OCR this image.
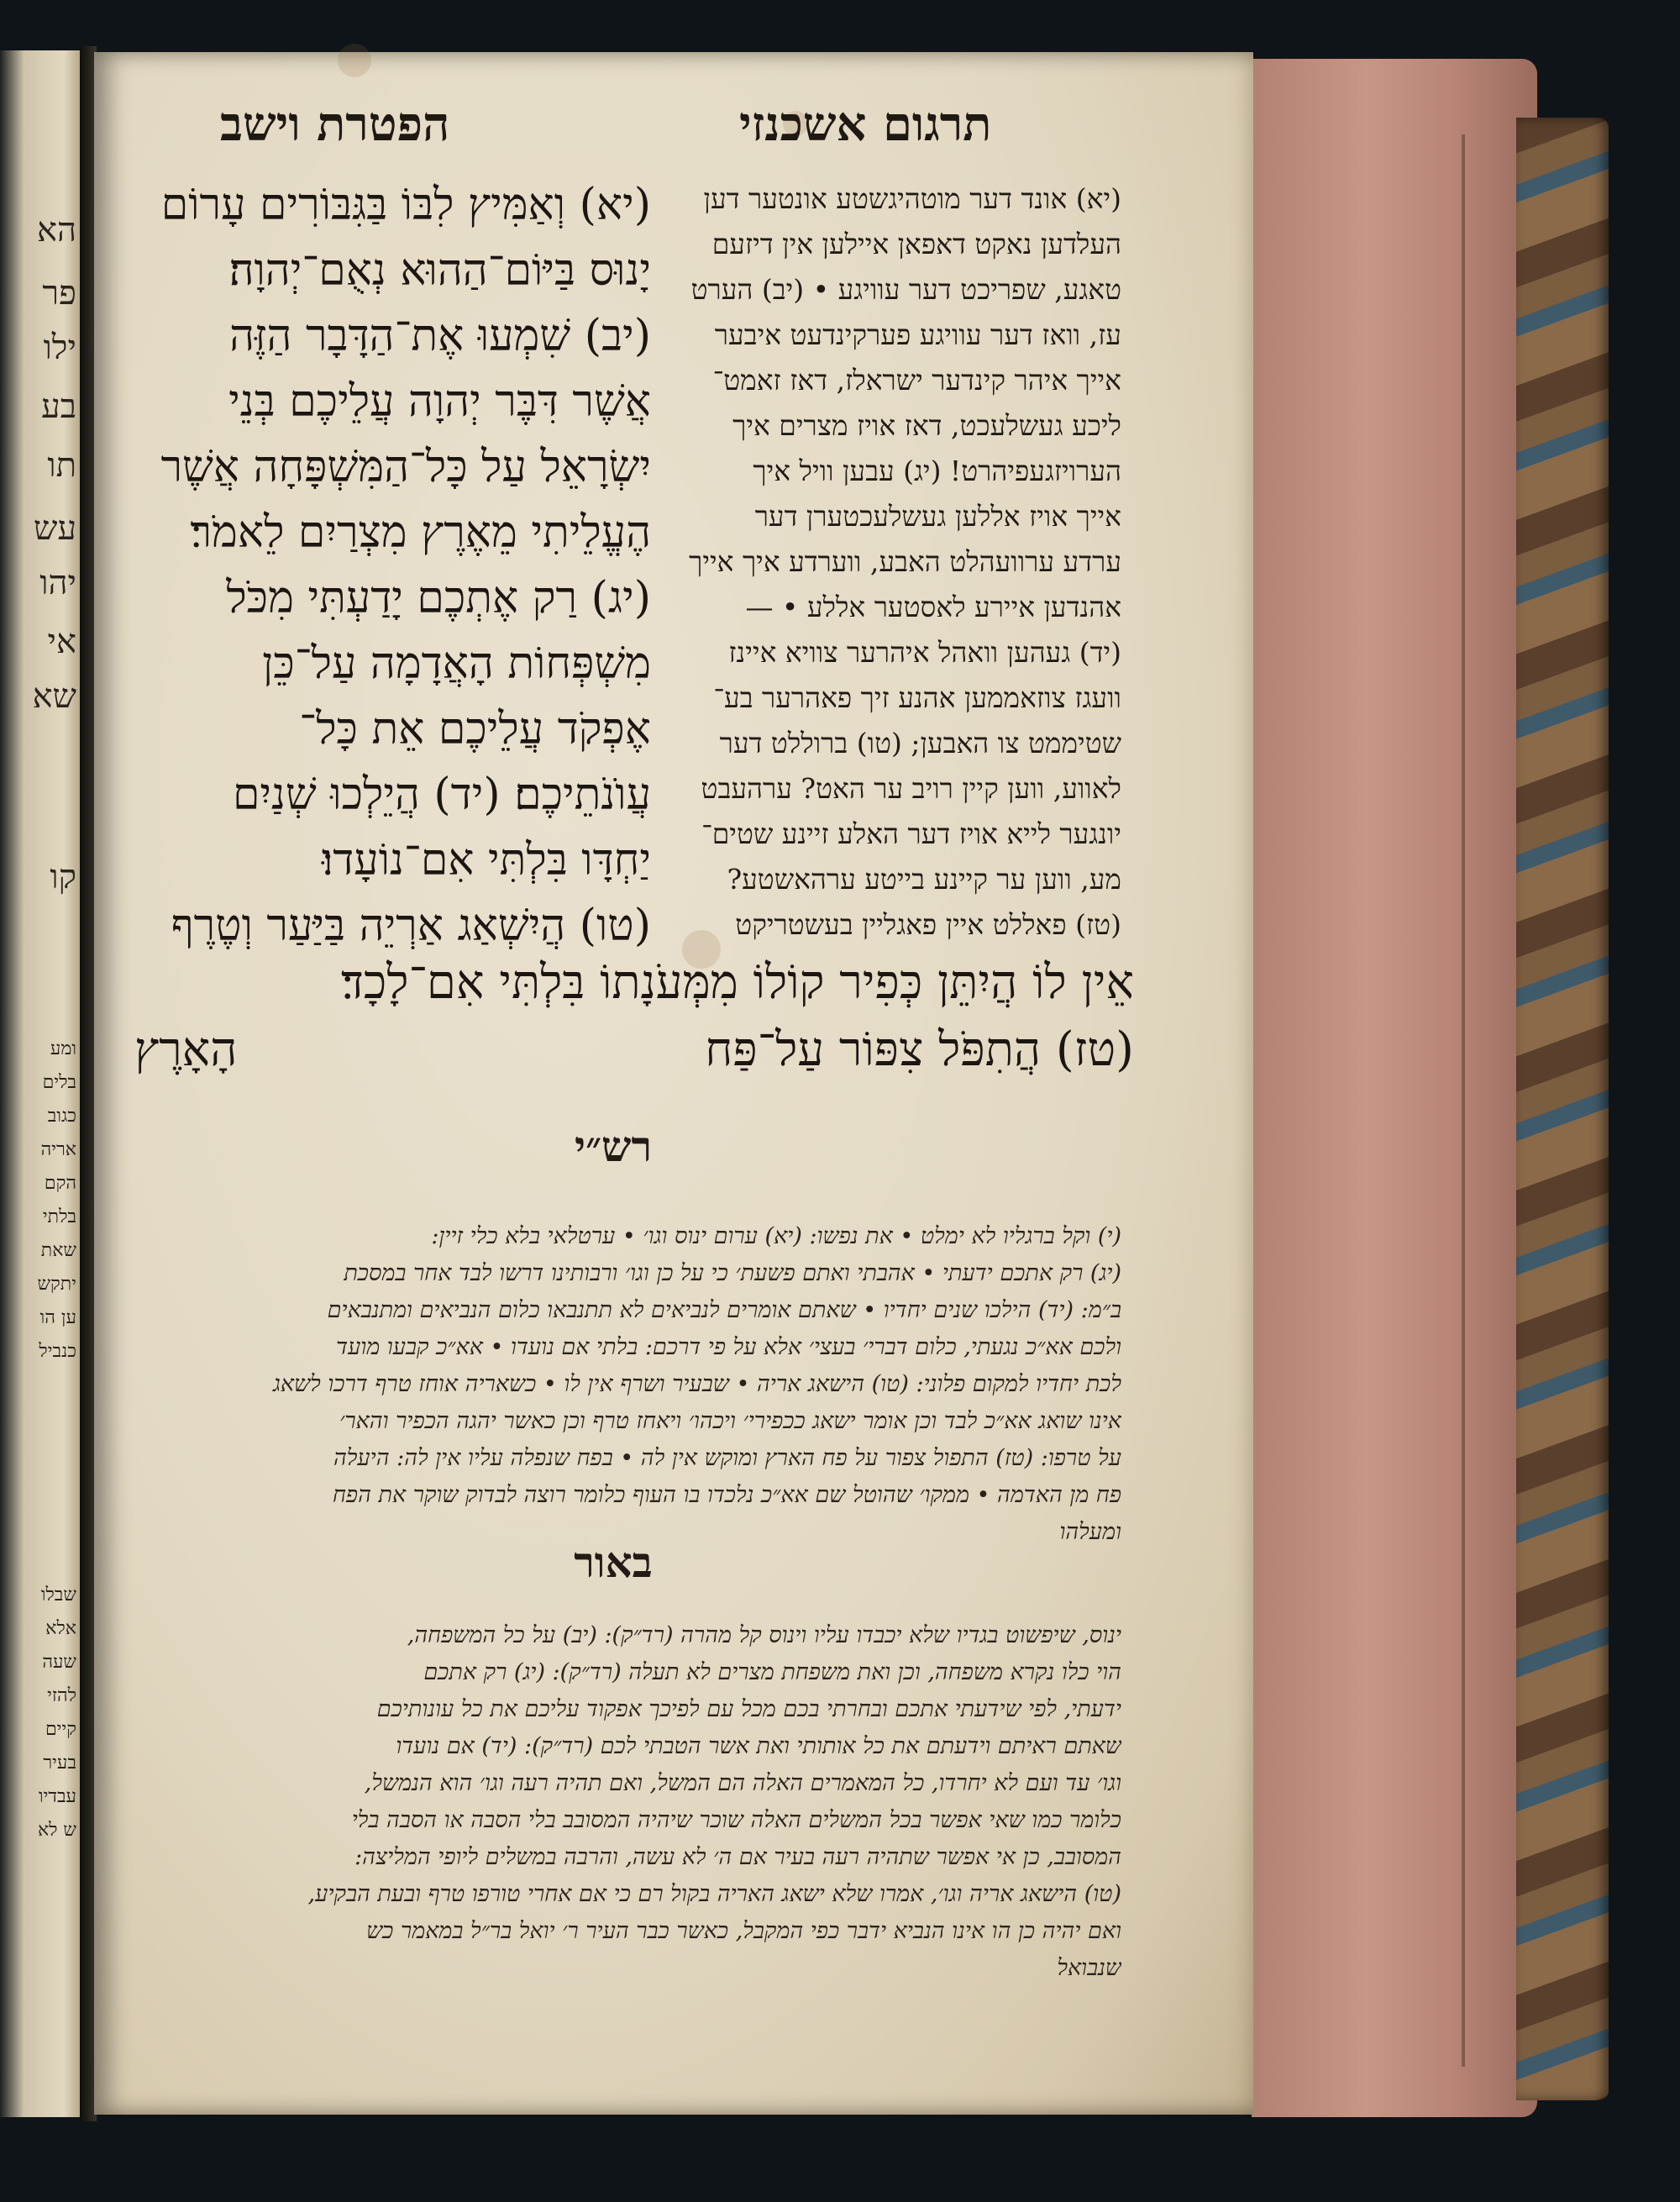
הא
פר
ילו
בע
תו
עש
יהו
אי
שא
קו
ומע
בלים
כגוב
אריה
הקם
בלתי
שאת
יתקש
ען הו
כנביל
שבלו
אלא
שעה
להזי
קיים
בעיר
עבדיו
ש לא
תרגום אשכנזי
הפטרת וישב
(יא) וְאַמִּיץ לִבּוֹ בַּגִּבּוֹרִים עָרוֹם
יָנוּס בַּיּוֹם־הַהוּא נְאֻם־יְהוָה׃
(יב) שִׁמְעוּ אֶת־הַדָּבָר הַזֶּה
אֲשֶׁר דִּבֶּר יְהוָה עֲלֵיכֶם בְּנֵי
יִשְׂרָאֵל עַל כָּל־הַמִּשְׁפָּחָה אֲשֶׁר
הֶעֱלֵיתִי מֵאֶרֶץ מִצְרַיִם לֵאמֹר׃
(יג) רַק אֶתְכֶם יָדַעְתִּי מִכֹּל
מִשְׁפְּחוֹת הָאֲדָמָה עַל־כֵּן
אֶפְקֹד עֲלֵיכֶם אֵת כָּל־
עֲוֺנֹתֵיכֶם׃ (יד) הֲיֵלְכוּ שְׁנַיִם
יַחְדָּו בִּלְתִּי אִם־נוֹעָדוּ׃
(טו) הֲיִשְׁאַג אַרְיֵה בַּיַּעַר וְטֶרֶף
(יא) אונד דער מוטהיגשטע אונטער דען
העלדען נאקט דאפאן איילען אין דיזעם
טאגע, שפריכט דער עוויגע • (יב) הערט
עז, וואז דער עוויגע פערקינדעט איבער
אייך איהר קינדער ישראלז, דאז זאמט־
ליכע געשלעכט, דאז אויז מצרים איך
הערויזגעפיהרט! (יג) עבען וויל איך
אייך אויז אללען געשלעכטערן דער
ערדע ערוועהלט האבע, ווערדע איך אייך
אהנדען איירע לאסטער אללע • —
(יד) געהען וואהל איהרער צוויא איינז
וועגז צוזאממען אהנע זיך פאהרער בע־
שטיממט צו האבען; (טו) ברוללט דער
לאווע, ווען קיין רויב ער האט? ערהעבט
יונגער לייא אויז דער האלע זיינע שטים־
מע, ווען ער קיינע בייטע ערהאשטע?
(טז) פאללט איין פאגליין בעשטריקט
אֵין לוֹ הֲיִתֵּן כְּפִיר קוֹלוֹ מִמְּעֹנָתוֹ בִּלְתִּי אִם־לָכָד׃
(טז) הֲתִפֹּל צִפּוֹר עַל־פַּח
הָאָרֶץ
רש״י
(י) וקל ברגליו לא ימלט • את נפשו: (יא) ערום ינוס וגו׳ • ערטלאי בלא כלי זיין:
(יג) רק אתכם ידעתי • אהבתי ואתם פשעת׳ כי על כן וגו׳ ורבותינו דרשו לבד אחר במסכת
ב״מ: (יד) הילכו שנים יחדיו • שאתם אומרים לנביאים לא תתנבאו כלום הנביאים ומתנבאים
ולכם אא״כ נגעתי, כלום דברי׳ בעצי׳ אלא על פי דרכם: בלתי אם נועדו • אא״כ קבעו מועד
לכת יחדיו למקום פלוני: (טו) הישאג אריה • שבעיר ושרף אין לו • כשאריה אוחז טרף דרכו לשאג
אינו שואג אא״כ לבד וכן אומר ישאג ככפירי׳ ויכהו׳ ויאחז טרף וכן כאשר יהגה הכפיר והאר׳
על טרפו: (טז) התפול צפור על פח הארץ ומוקש אין לה • בפח שנפלה עליו אין לה: היעלה
פח מן האדמה • ממקו׳ שהוטל שם אא״כ נלכדו בו העוף כלומר רוצה לבדוק שוקר את הפח
ומעלהו
באור
ינוס, שיפשוט בגדיו שלא יכבדו עליו וינוס קל מהרה (רד״ק): (יב) על כל המשפחה,
הוי כלו נקרא משפחה, וכן ואת משפחת מצרים לא תעלה (רד״ק): (יג) רק אתכם
ידעתי, לפי שידעתי אתכם ובחרתי בכם מכל עם לפיכך אפקוד עליכם את כל עונותיכם
שאתם ראיתם וידעתם את כל אותותי ואת אשר הטבתי לכם (רד״ק): (יד) אם נועדו
וגו׳ עד ועם לא יחרדו, כל המאמרים האלה הם המשל, ואם תהיה רעה וגו׳ הוא הנמשל,
כלומר כמו שאי אפשר בכל המשלים האלה שוכר שיהיה המסובב בלי הסבה או הסבה בלי
המסובב, כן אי אפשר שתהיה רעה בעיר אם ה׳ לא עשה, והרבה במשלים ליופי המליצה:
(טו) הישאג אריה וגו׳, אמרו שלא ישאג האריה בקול רם כי אם אחרי טורפו טרף ובעת הבקיע,
ואם יהיה כן הו אינו הנביא ידבר כפי המקבל, כאשר כבר העיר ר׳ יואל בר״ל במאמר כש
שנבואל
